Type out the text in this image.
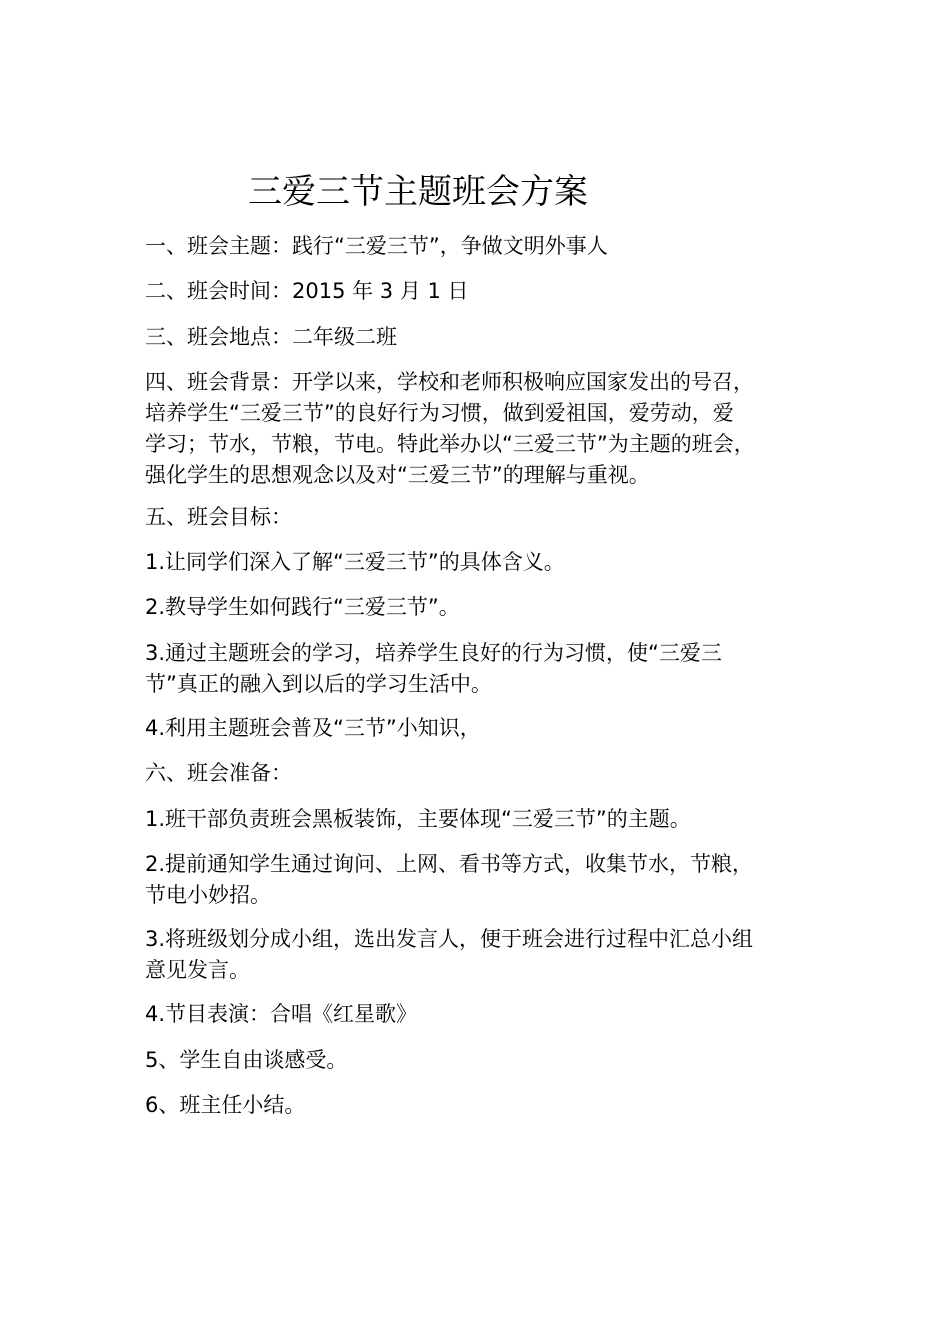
三爱三节主题班会方案
一、班会主题：践行“三爱三节”，争做文明外事人
二、班会时间：2015 年 3 月 1 日
三、班会地点：二年级二班
四、班会背景：开学以来，学校和老师积极响应国家发出的号召，
培养学生“三爱三节”的良好行为习惯，做到爱祖国，爱劳动，爱
学习；节水，节粮，节电。特此举办以“三爱三节”为主题的班会，
强化学生的思想观念以及对“三爱三节”的理解与重视。
五、班会目标：
1.让同学们深入了解“三爱三节”的具体含义。
2.教导学生如何践行“三爱三节”。
3.通过主题班会的学习，培养学生良好的行为习惯，使“三爱三
节”真正的融入到以后的学习生活中。
4.利用主题班会普及“三节”小知识，
六、班会准备：
1.班干部负责班会黑板装饰，主要体现“三爱三节”的主题。
2.提前通知学生通过询问、上网、看书等方式，收集节水，节粮，
节电小妙招。
3.将班级划分成小组，选出发言人，便于班会进行过程中汇总小组
意见发言。
4.节目表演：合唱《红星歌》
5、学生自由谈感受。
6、班主任小结。
